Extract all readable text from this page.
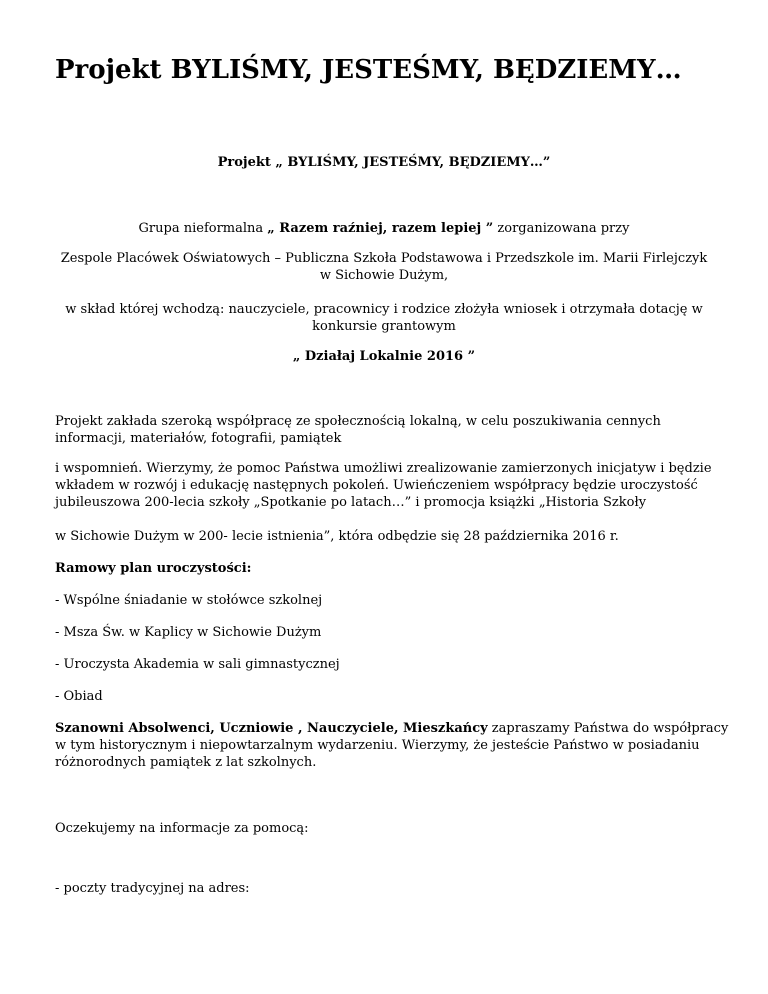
Projekt BYLIŚMY, JESTEŚMY, BĘDZIEMY…

Projekt „ BYLIŚMY, JESTEŚMY, BĘDZIEMY…”

Grupa nieformalna „ Razem raźniej, razem lepiej ” zorganizowana przy

Zespole Placówek Oświatowych – Publiczna Szkoła Podstawowa i Przedszkole im. Marii Firlejczyk w Sichowie Dużym,

w skład której wchodzą: nauczyciele, pracownicy i rodzice złożyła wniosek i otrzymała dotację w konkursie grantowym

„ Działaj Lokalnie 2016 ”

Projekt zakłada szeroką współpracę ze społecznością lokalną, w celu poszukiwania cennych informacji, materiałów, fotografii, pamiątek

i wspomnień. Wierzymy, że pomoc Państwa umożliwi zrealizowanie zamierzonych inicjatyw i będzie wkładem w rozwój i edukację następnych pokoleń. Uwieńczeniem współpracy będzie uroczystość jubileuszowa 200-lecia szkoły „Spotkanie po latach…” i promocja książki „Historia Szkoły

w Sichowie Dużym w 200- lecie istnienia”, która odbędzie się 28 października 2016 r.

Ramowy plan uroczystości:

- Wspólne śniadanie w stołówce szkolnej

- Msza Św. w Kaplicy w Sichowie Dużym

- Uroczysta Akademia w sali gimnastycznej

- Obiad

Szanowni Absolwenci, Uczniowie , Nauczyciele, Mieszkańcy zapraszamy Państwa do współpracy w tym historycznym i niepowtarzalnym wydarzeniu. Wierzymy, że jesteście Państwo w posiadaniu różnorodnych pamiątek z lat szkolnych.

Oczekujemy na informacje za pomocą:

- poczty tradycyjnej na adres:
